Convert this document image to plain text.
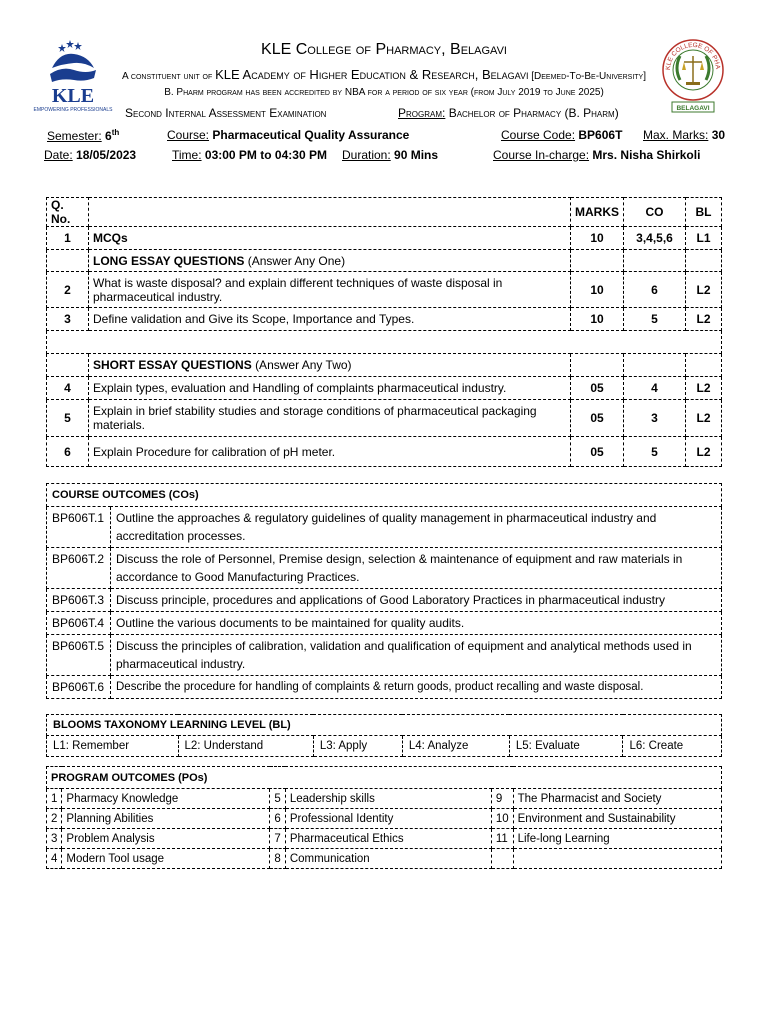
KLE
EMPOWERING PROFESSIONALS
KLE COLLEGE OF PHA
BELAGAVI
KLE College of Pharmacy, Belagavi
A constituent unit of KLE Academy of Higher Education & Research, Belagavi [Deemed-To-Be-University]
B. Pharm program has been accredited by NBA for a period of six year (from July 2019 to June 2025)
Second Internal Assessment Examination	Program: Bachelor of Pharmacy (B. Pharm)
Semester: 6th	Course: Pharmaceutical Quality Assurance	Course Code: BP606T Max. Marks: 30
Date: 18/05/2023	Time: 03:00 PM to 04:30 PM Duration: 90 Mins	Course In-charge: Mrs. Nisha Shirkoli
Q. No.		MARKS	CO	BL
1	MCQs	10	3,4,5,6	L1
	LONG ESSAY QUESTIONS (Answer Any One)			
2	What is waste disposal? and explain different techniques of waste disposal in pharmaceutical industry.	10	6	L2
3	Define validation and Give its Scope, Importance and Types.	10	5	L2

	SHORT ESSAY QUESTIONS (Answer Any Two)			
4	Explain types, evaluation and Handling of complaints pharmaceutical industry.	05	4	L2
5	Explain in brief stability studies and storage conditions of pharmaceutical packaging materials.	05	3	L2
6	Explain Procedure for calibration of pH meter.	05	5	L2
COURSE OUTCOMES (COs)	
BP606T.1	Outline the approaches & regulatory guidelines of quality management in pharmaceutical industry and accreditation processes.
BP606T.2	Discuss the role of Personnel, Premise design, selection & maintenance of equipment and raw materials in accordance to Good Manufacturing Practices.
BP606T.3	Discuss principle, procedures and applications of Good Laboratory Practices in pharmaceutical industry
BP606T.4	Outline the various documents to be maintained for quality audits.
BP606T.5	Discuss the principles of calibration, validation and qualification of equipment and analytical methods used in pharmaceutical industry.
BP606T.6	Describe the procedure for handling of complaints & return goods, product recalling and waste disposal.
BLOOMS TAXONOMY LEARNING LEVEL (BL)
L1: Remember	L2: Understand	L3: Apply	L4: Analyze	L5: Evaluate	L6: Create
PROGRAM OUTCOMES (POs)					
1	Pharmacy Knowledge	5	Leadership skills	9	The Pharmacist and Society
2	Planning Abilities	6	Professional Identity	10	Environment and Sustainability
3	Problem Analysis	7	Pharmaceutical Ethics	11	Life-long Learning
4	Modern Tool usage	8	Communication		
